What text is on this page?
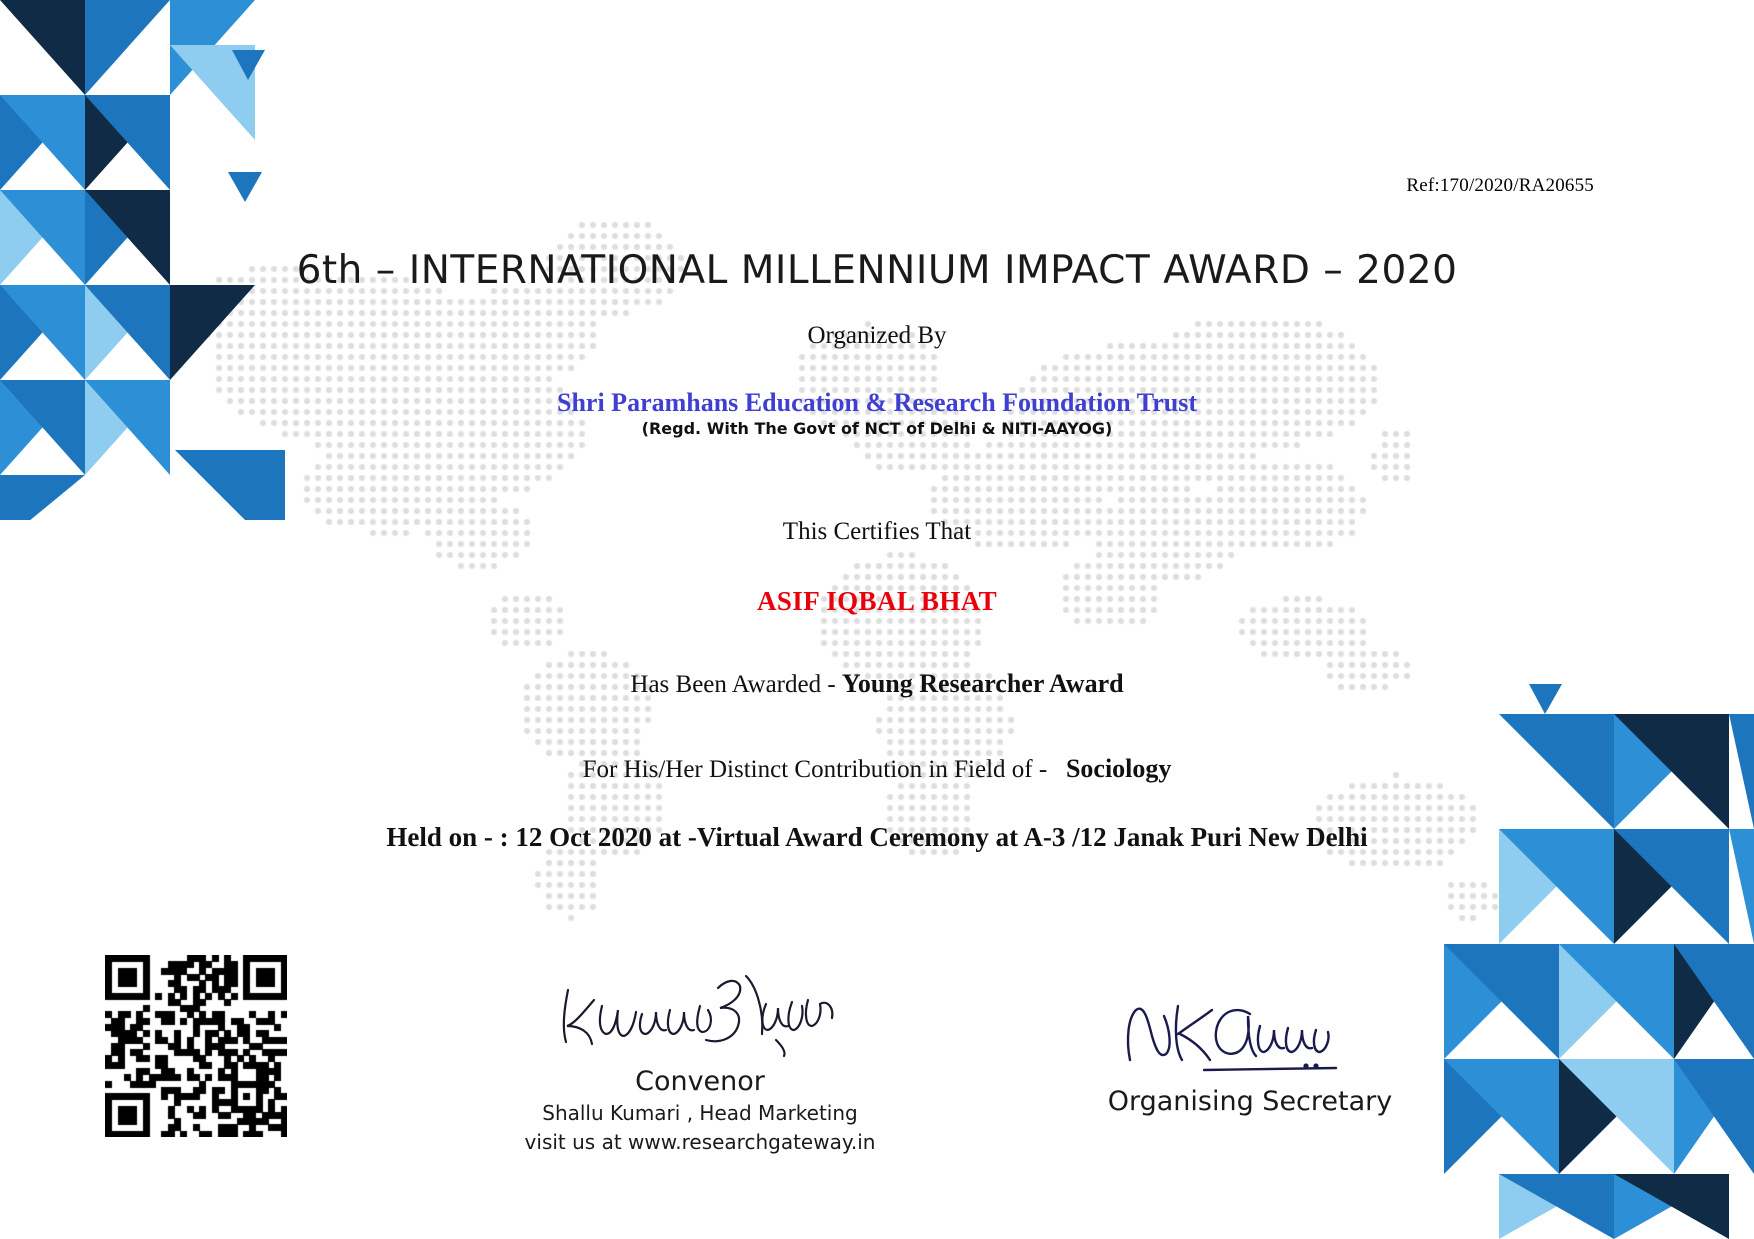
Ref:170/2020/RA20655
6th – INTERNATIONAL MILLENNIUM IMPACT AWARD – 2020
Organized By
Shri Paramhans Education & Research Foundation Trust
(Regd. With The Govt of NCT of Delhi & NITI-AAYOG)
This Certifies That
ASIF IQBAL BHAT
Has Been Awarded - Young Researcher Award
For His/Her Distinct Contribution in Field of - Sociology
Held on - : 12 Oct 2020 at -Virtual Award Ceremony at A-3 /12 Janak Puri New Delhi
Convenor
Shallu Kumari , Head Marketing
visit us at www.researchgateway.in
Organising Secretary
